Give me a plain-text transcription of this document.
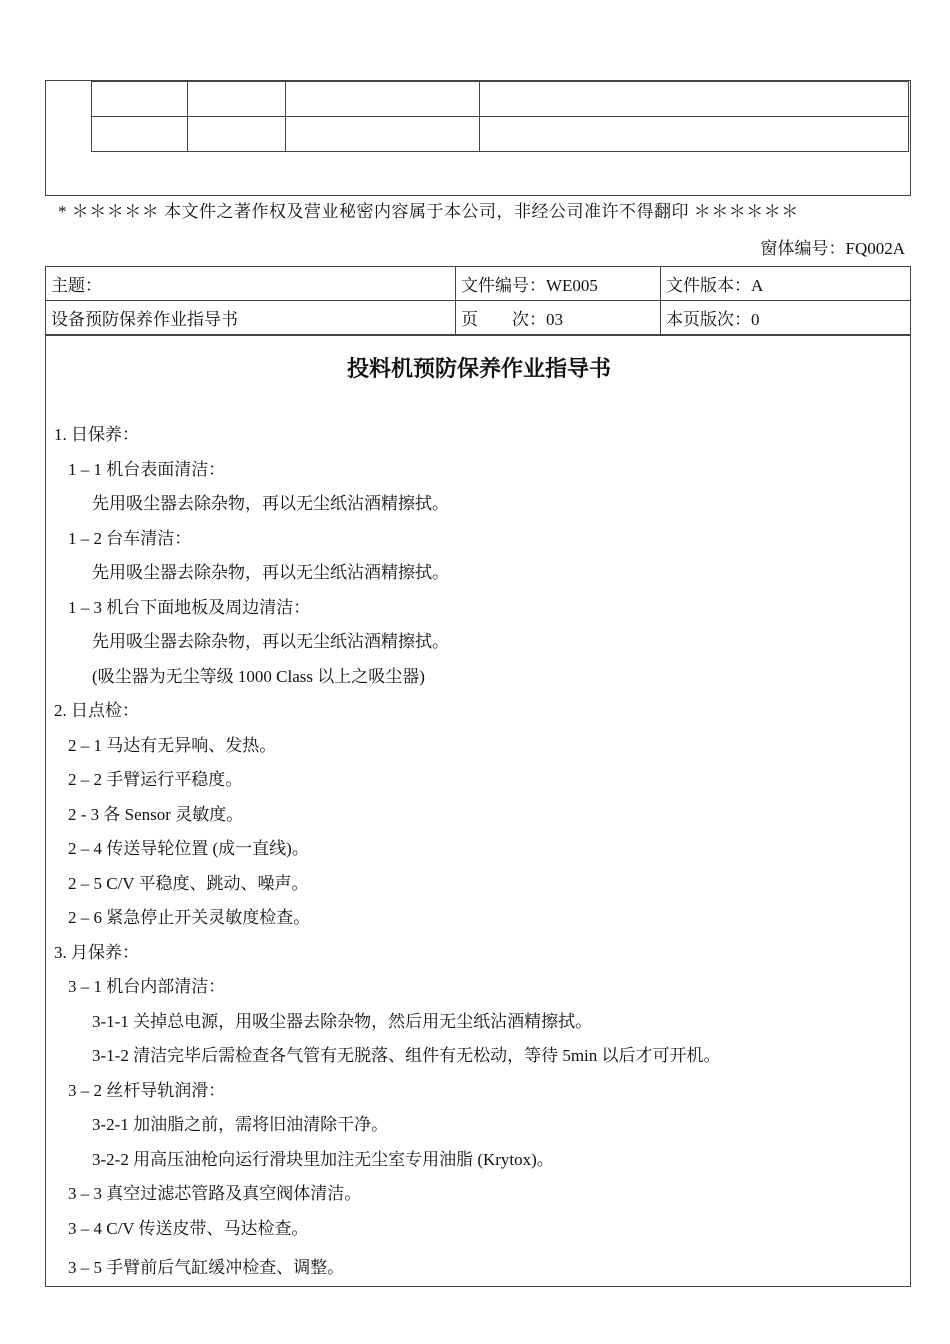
* ＊＊＊＊＊ 本文件之著作权及营业秘密内容属于本公司，非经公司准许不得翻印 ＊＊＊＊＊＊
窗体编号：FQ002A
主题：	文件编号：WE005	文件版本：A
设备预防保养作业指导书	页　　次：03	本页版次：0
投料机预防保养作业指导书
1. 日保养：
1 – 1 机台表面清洁：
先用吸尘器去除杂物，再以无尘纸沾酒精擦拭。
1 – 2 台车清洁：
先用吸尘器去除杂物，再以无尘纸沾酒精擦拭。
1 – 3 机台下面地板及周边清洁：
先用吸尘器去除杂物，再以无尘纸沾酒精擦拭。
(吸尘器为无尘等级 1000 Class 以上之吸尘器)
2. 日点检：
2 – 1 马达有无异响、发热。
2 – 2 手臂运行平稳度。
2 - 3 各 Sensor 灵敏度。
2 – 4 传送导轮位置 (成一直线)。
2 – 5 C/V 平稳度、跳动、噪声。
2 – 6 紧急停止开关灵敏度检查。
3. 月保养：
3 – 1 机台内部清洁：
3-1-1 关掉总电源，用吸尘器去除杂物，然后用无尘纸沾酒精擦拭。
3-1-2 清洁完毕后需检查各气管有无脱落、组件有无松动，等待 5min 以后才可开机。
3 – 2 丝杆导轨润滑：
3-2-1 加油脂之前，需将旧油清除干净。
3-2-2 用高压油枪向运行滑块里加注无尘室专用油脂 (Krytox)。
3 – 3 真空过滤芯管路及真空阀体清洁。
3 – 4 C/V 传送皮带、马达检查。
3 – 5 手臂前后气缸缓冲检查、调整。
